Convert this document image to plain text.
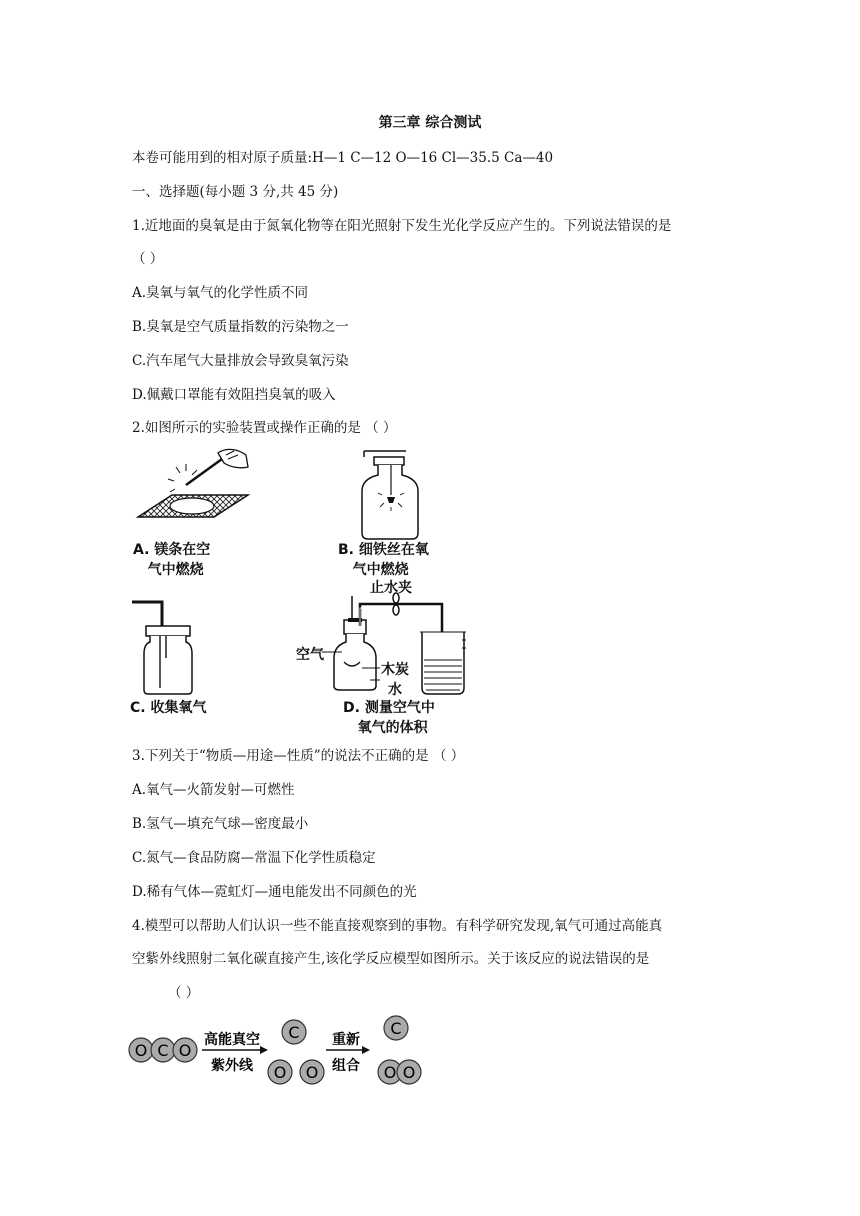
第三章 综合测试
本卷可能用到的相对原子质量:H—1 C—12 O—16 Cl—35.5 Ca—40
一、选择题(每小题 3 分,共 45 分)
1.近地面的臭氧是由于氮氧化物等在阳光照射下发生光化学反应产生的。下列说法错误的是
（ ）
A.臭氧与氧气的化学性质不同
B.臭氧是空气质量指数的污染物之一
C.汽车尾气大量排放会导致臭氧污染
D.佩戴口罩能有效阻挡臭氧的吸入
2.如图所示的实验装置或操作正确的是 （ ）
A. 镁条在空
气中燃烧
B. 细铁丝在氧
气中燃烧
C. 收集氧气
止水夹
空气
木炭
水
D. 测量空气中
氧气的体积
3.下列关于“物质—用途—性质”的说法不正确的是 （ ）
A.氧气—火箭发射—可燃性
B.氢气—填充气球—密度最小
C.氮气—食品防腐—常温下化学性质稳定
D.稀有气体—霓虹灯—通电能发出不同颜色的光
4.模型可以帮助人们认识一些不能直接观察到的事物。有科学研究发现,氧气可通过高能真
空紫外线照射二氧化碳直接产生,该化学反应模型如图所示。关于该反应的说法错误的是
（ ）
O C O
C
O O
C
O O
高能真空
紫外线
重新
组合
